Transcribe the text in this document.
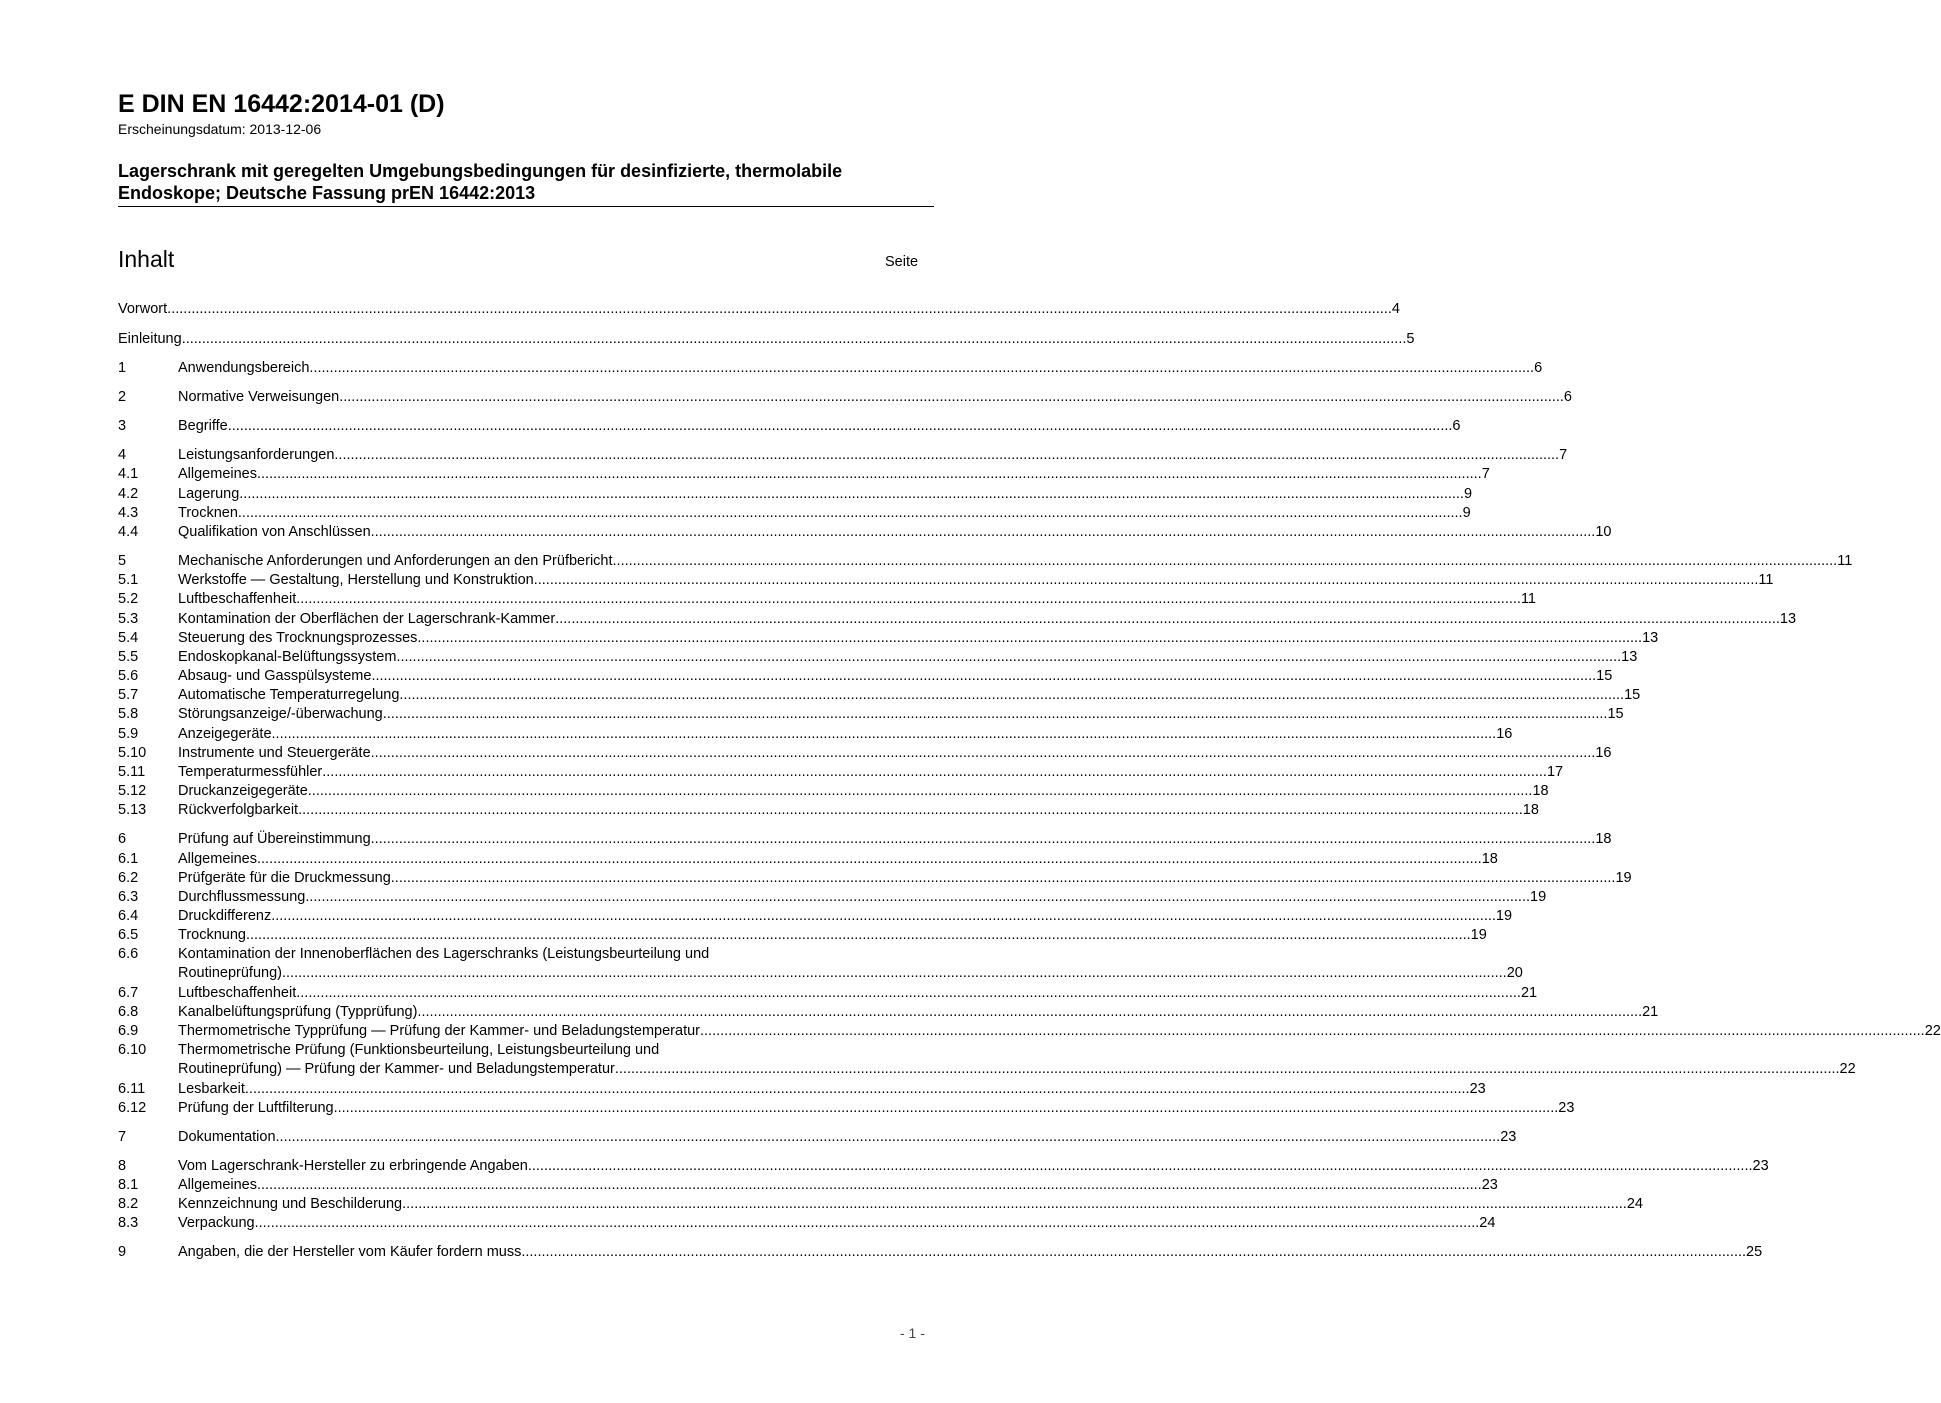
E DIN EN 16442:2014-01 (D)
Erscheinungsdatum: 2013-12-06
Lagerschrank mit geregelten Umgebungsbedingungen für desinfizierte, thermolabile Endoskope; Deutsche Fassung prEN 16442:2013
Inhalt	Seite
Vorwort .....	4
Einleitung .....	5
1	Anwendungsbereich .....	6
2	Normative Verweisungen .....	6
3	Begriffe .....	6
4	Leistungsanforderungen .....	7
4.1	Allgemeines .....	7
4.2	Lagerung .....	9
4.3	Trocknen .....	9
4.4	Qualifikation von Anschlüssen .....	10
5	Mechanische Anforderungen und Anforderungen an den Prüfbericht .....	11
5.1	Werkstoffe — Gestaltung, Herstellung und Konstruktion .....	11
5.2	Luftbeschaffenheit .....	11
5.3	Kontamination der Oberflächen der Lagerschrank-Kammer .....	13
5.4	Steuerung des Trocknungsprozesses .....	13
5.5	Endoskopkanal-Belüftungssystem .....	13
5.6	Absaug- und Gasspülsysteme .....	15
5.7	Automatische Temperaturregelung .....	15
5.8	Störungsanzeige/-überwachung .....	15
5.9	Anzeigegeräte .....	16
5.10	Instrumente und Steuergeräte .....	16
5.11	Temperaturmessfühler .....	17
5.12	Druckanzeigegeräte .....	18
5.13	Rückverfolgbarkeit .....	18
6	Prüfung auf Übereinstimmung .....	18
6.1	Allgemeines .....	18
6.2	Prüfgeräte für die Druckmessung .....	19
6.3	Durchflussmessung .....	19
6.4	Druckdifferenz .....	19
6.5	Trocknung .....	19
6.6	Kontamination der Innenoberflächen des Lagerschranks (Leistungsbeurteilung und
Routineprüfung) .....	20
6.7	Luftbeschaffenheit .....	21
6.8	Kanalbelüftungsprüfung (Typprüfung) .....	21
6.9	Thermometrische Typprüfung — Prüfung der Kammer- und Beladungstemperatur .....	22
6.10	Thermometrische Prüfung (Funktionsbeurteilung, Leistungsbeurteilung und
Routineprüfung) — Prüfung der Kammer- und Beladungstemperatur .....	22
6.11	Lesbarkeit .....	23
6.12	Prüfung der Luftfilterung .....	23
7	Dokumentation .....	23
8	Vom Lagerschrank-Hersteller zu erbringende Angaben .....	23
8.1	Allgemeines .....	23
8.2	Kennzeichnung und Beschilderung .....	24
8.3	Verpackung .....	24
9	Angaben, die der Hersteller vom Käufer fordern muss .....	25
- 1 -
